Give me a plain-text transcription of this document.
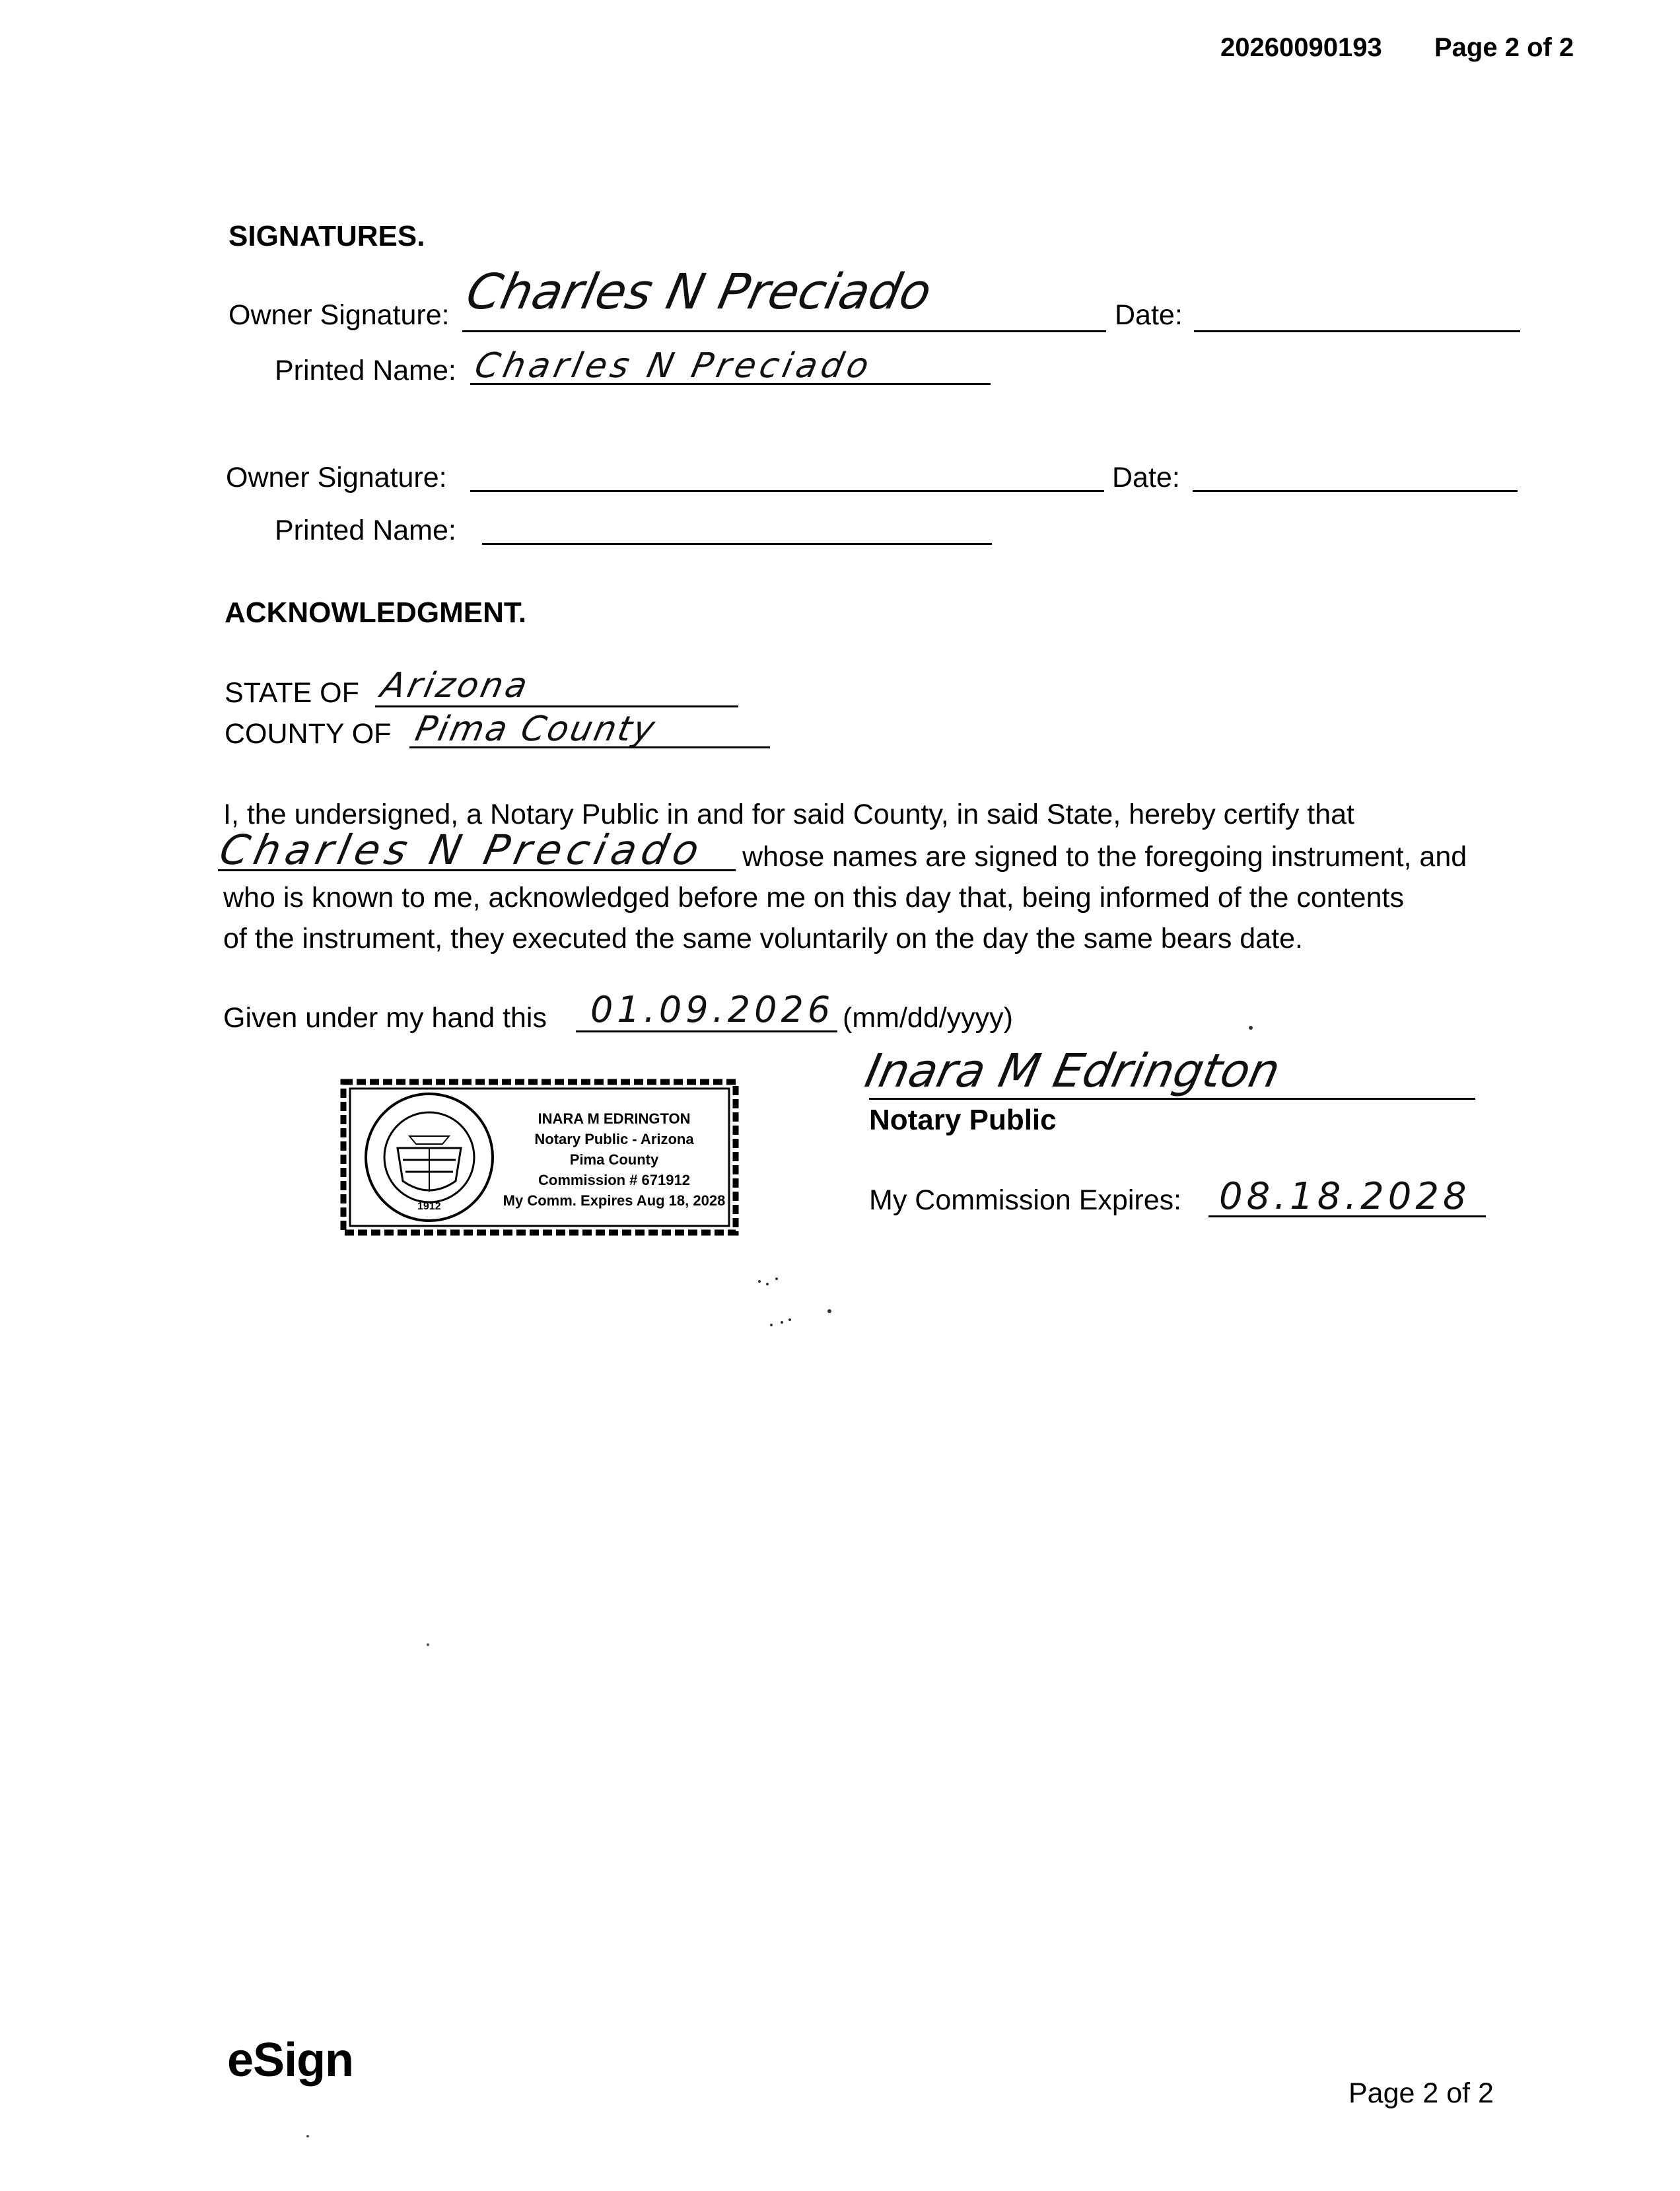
20260090193 Page 2 of 2
SIGNATURES.
Owner Signature: Charles N Preciado	Date:
Printed Name: Charles N Preciado
Owner Signature:	Date:
Printed Name:
ACKNOWLEDGMENT.
STATE OF Arizona
COUNTY OF Pima County
I, the undersigned, a Notary Public in and for said County, in said State, hereby certify that
Charles N Preciado whose names are signed to the foregoing instrument, and
who is known to me, acknowledged before me on this day that, being informed of the contents
of the instrument, they executed the same voluntarily on the day the same bears date.
Given under my hand this 01.09.2026 (mm/dd/yyyy)
1912
INARA M EDRINGTON
Notary Public - Arizona
Pima County
Commission # 671912
My Comm. Expires Aug 18, 2028
Inara M Edrington
Notary Public
My Commission Expires: 08.18.2028
eSign
Page 2 of 2
